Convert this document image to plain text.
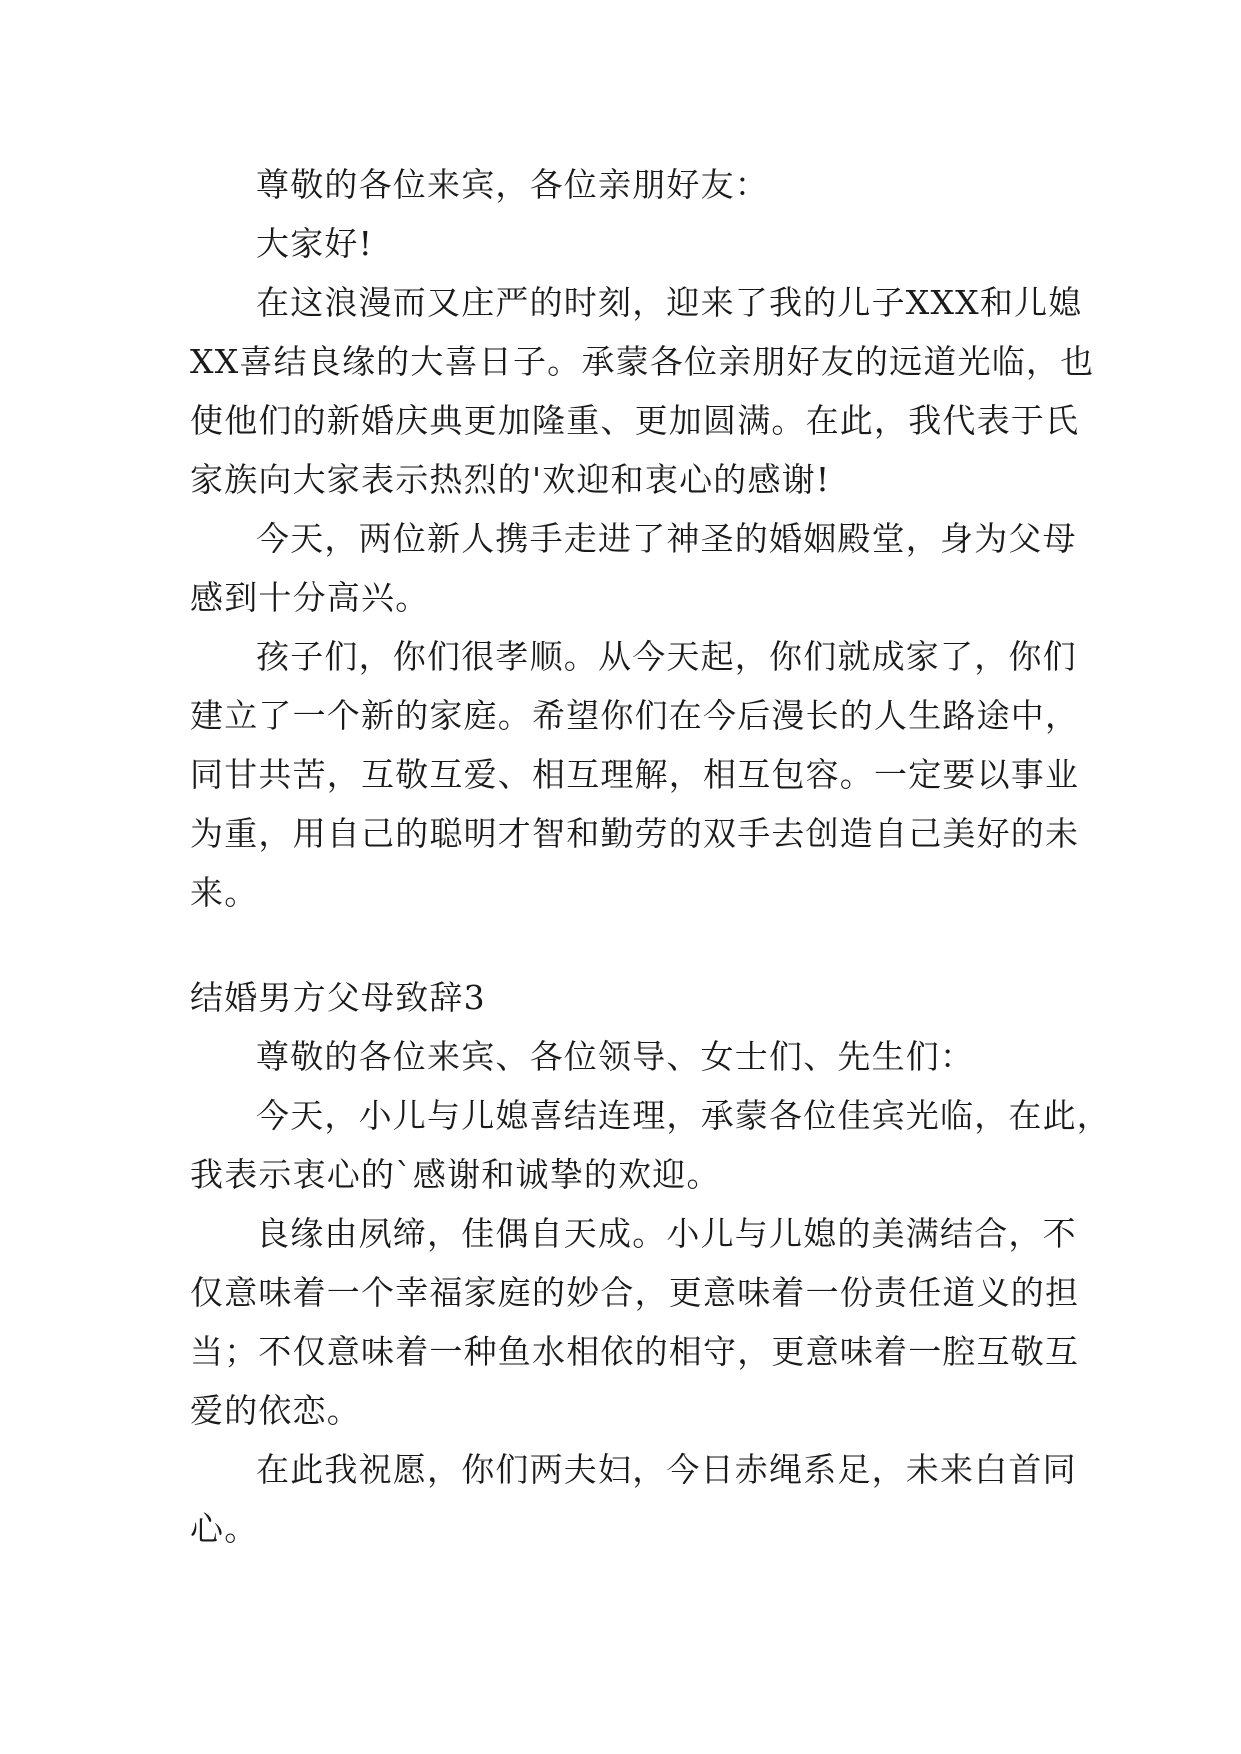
尊敬的各位来宾，各位亲朋好友：
大家好!
在这浪漫而又庄严的时刻，迎来了我的儿子XXX和儿媳
XX喜结良缘的大喜日子。承蒙各位亲朋好友的远道光临，也
使他们的新婚庆典更加隆重、更加圆满。在此，我代表于氏
家族向大家表示热烈的'欢迎和衷心的感谢!
今天，两位新人携手走进了神圣的婚姻殿堂，身为父母
感到十分高兴。
孩子们，你们很孝顺。从今天起，你们就成家了，你们
建立了一个新的家庭。希望你们在今后漫长的人生路途中，
同甘共苦，互敬互爱、相互理解，相互包容。一定要以事业
为重，用自己的聪明才智和勤劳的双手去创造自己美好的未
来。
结婚男方父母致辞3
尊敬的各位来宾、各位领导、女士们、先生们：
今天，小儿与儿媳喜结连理，承蒙各位佳宾光临，在此，
我表示衷心的`感谢和诚挚的欢迎。
良缘由夙缔，佳偶自天成。小儿与儿媳的美满结合，不
仅意味着一个幸福家庭的妙合，更意味着一份责任道义的担
当；不仅意味着一种鱼水相依的相守，更意味着一腔互敬互
爱的依恋。
在此我祝愿，你们两夫妇，今日赤绳系足，未来白首同
心。
